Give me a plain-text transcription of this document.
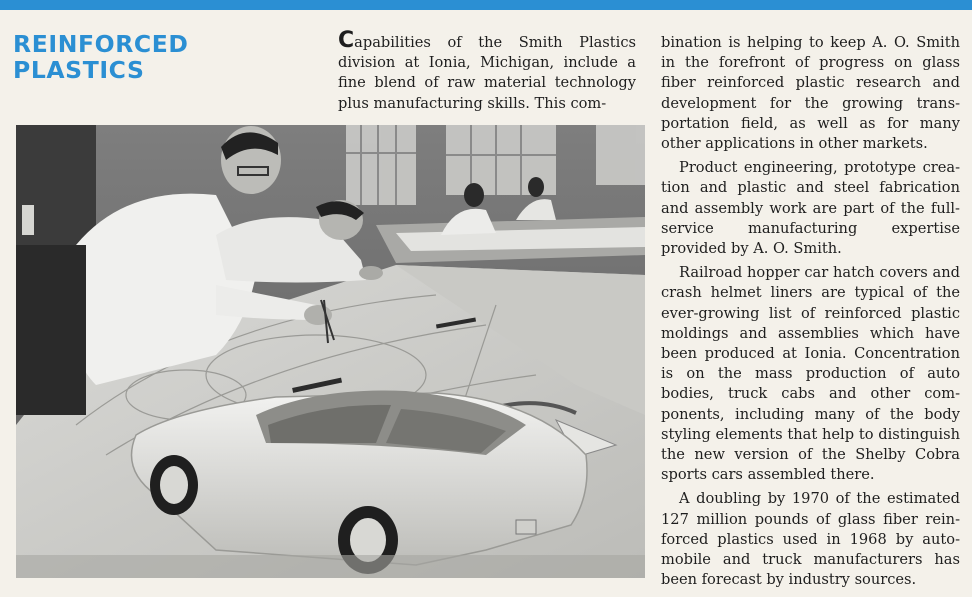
REINFORCED
PLASTICS

Capabilities of the Smith Plastics division at Ionia, Michigan, include a fine blend of raw material technology plus manufacturing skills. This com-

bination is helping to keep A. O. Smith in the forefront of progress on glass fiber reinforced plastic research and development for the growing transportation field, as well as for many other applications in other markets.

Product engineering, prototype creation and plastic and steel fabrication and assembly work are part of the full-service manufacturing expertise provided by A. O. Smith.

Railroad hopper car hatch covers and crash helmet liners are typical of the ever-growing list of reinforced plastic moldings and assemblies which have been produced at Ionia. Concentration is on the mass production of auto bodies, truck cabs and other components, including many of the body styling elements that help to distinguish the new version of the Shelby Cobra sports cars assembled there.

A doubling by 1970 of the estimated 127 million pounds of glass fiber reinforced plastics used in 1968 by automobile and truck manufacturers has been forecast by industry sources.
